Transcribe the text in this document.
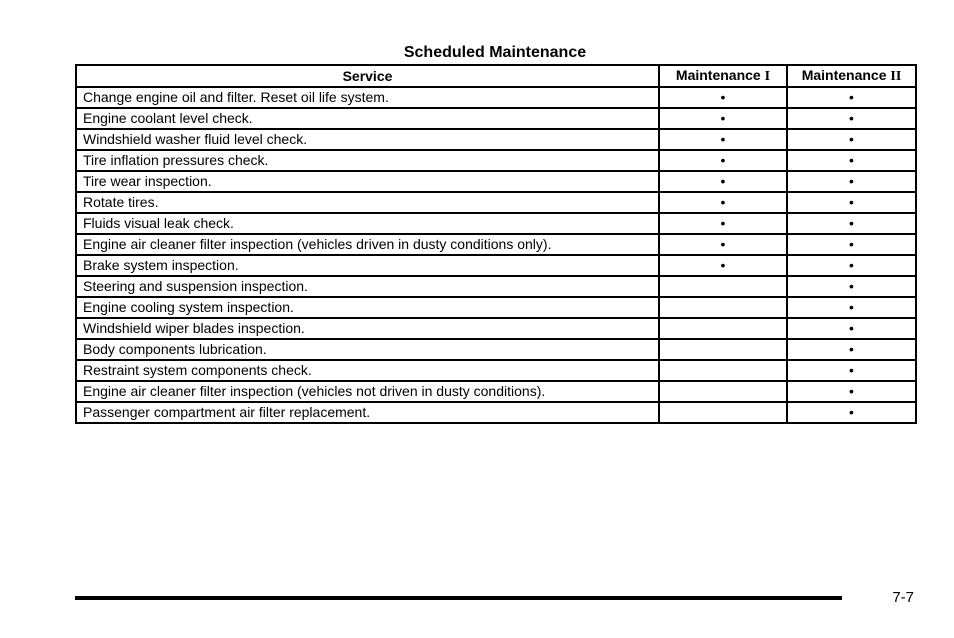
Scheduled Maintenance
Service	Maintenance I	Maintenance II
Change engine oil and filter. Reset oil life system.	•	•
Engine coolant level check.	•	•
Windshield washer fluid level check.	•	•
Tire inflation pressures check.	•	•
Tire wear inspection.	•	•
Rotate tires.	•	•
Fluids visual leak check.	•	•
Engine air cleaner filter inspection (vehicles driven in dusty conditions only).	•	•
Brake system inspection.	•	•
Steering and suspension inspection.		•
Engine cooling system inspection.		•
Windshield wiper blades inspection.		•
Body components lubrication.		•
Restraint system components check.		•
Engine air cleaner filter inspection (vehicles not driven in dusty conditions).		•
Passenger compartment air filter replacement.		•
7-7
